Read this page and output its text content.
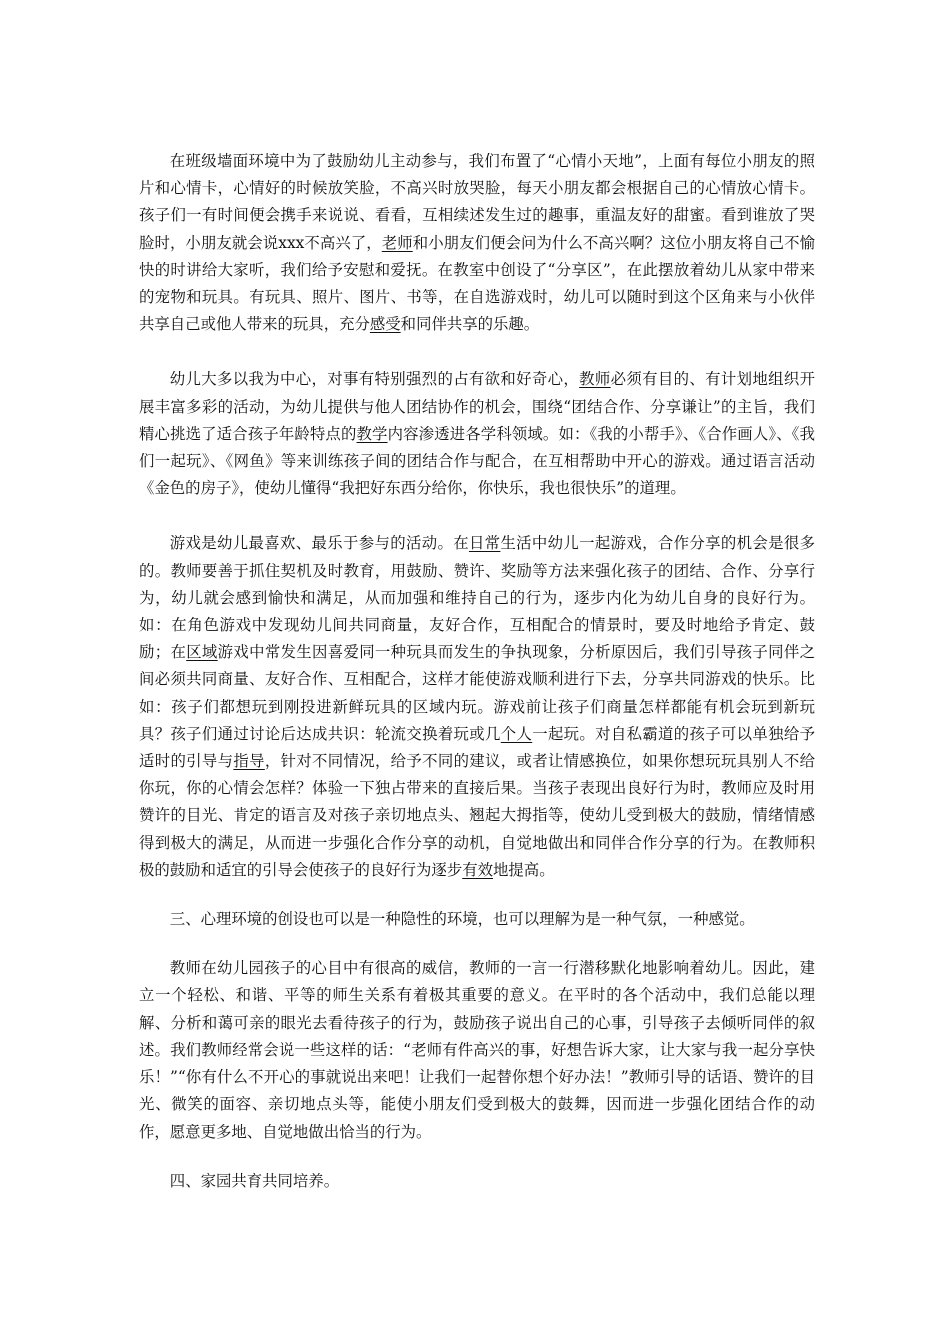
在班级墙面环境中为了鼓励幼儿主动参与，我们布置了“心情小天地”，上面有每位小朋友的照片和心情卡，心情好的时候放笑脸，不高兴时放哭脸，每天小朋友都会根据自己的心情放心情卡。孩子们一有时间便会携手来说说、看看，互相续述发生过的趣事，重温友好的甜蜜。看到谁放了哭脸时，小朋友就会说xxx不高兴了，老师和小朋友们便会问为什么不高兴啊？这位小朋友将自己不愉快的时讲给大家听，我们给予安慰和爱抚。在教室中创设了“分享区”，在此摆放着幼儿从家中带来的宠物和玩具。有玩具、照片、图片、书等，在自选游戏时，幼儿可以随时到这个区角来与小伙伴共享自己或他人带来的玩具，充分感受和同伴共享的乐趣。

幼儿大多以我为中心，对事有特别强烈的占有欲和好奇心，教师必须有目的、有计划地组织开展丰富多彩的活动，为幼儿提供与他人团结协作的机会，围绕“团结合作、分享谦让”的主旨，我们精心挑选了适合孩子年龄特点的教学内容渗透进各学科领域。如：《我的小帮手》、《合作画人》、《我们一起玩》、《网鱼》等来训练孩子间的团结合作与配合，在互相帮助中开心的游戏。通过语言活动《金色的房子》，使幼儿懂得“我把好东西分给你，你快乐，我也很快乐”的道理。

游戏是幼儿最喜欢、最乐于参与的活动。在日常生活中幼儿一起游戏，合作分享的机会是很多的。教师要善于抓住契机及时教育，用鼓励、赞许、奖励等方法来强化孩子的团结、合作、分享行为，幼儿就会感到愉快和满足，从而加强和维持自己的行为，逐步内化为幼儿自身的良好行为。如：在角色游戏中发现幼儿间共同商量，友好合作，互相配合的情景时，要及时地给予肯定、鼓励；在区域游戏中常发生因喜爱同一种玩具而发生的争执现象，分析原因后，我们引导孩子同伴之间必须共同商量、友好合作、互相配合，这样才能使游戏顺利进行下去，分享共同游戏的快乐。比如：孩子们都想玩到刚投进新鲜玩具的区域内玩。游戏前让孩子们商量怎样都能有机会玩到新玩具？孩子们通过讨论后达成共识：轮流交换着玩或几个人一起玩。对自私霸道的孩子可以单独给予适时的引导与指导，针对不同情况，给予不同的建议，或者让情感换位，如果你想玩玩具别人不给你玩，你的心情会怎样？体验一下独占带来的直接后果。当孩子表现出良好行为时，教师应及时用赞许的目光、肯定的语言及对孩子亲切地点头、翘起大拇指等，使幼儿受到极大的鼓励，情绪情感得到极大的满足，从而进一步强化合作分享的动机，自觉地做出和同伴合作分享的行为。在教师积极的鼓励和适宜的引导会使孩子的良好行为逐步有效地提高。

三、心理环境的创设也可以是一种隐性的环境，也可以理解为是一种气氛，一种感觉。

教师在幼儿园孩子的心目中有很高的威信，教师的一言一行潜移默化地影响着幼儿。因此，建立一个轻松、和谐、平等的师生关系有着极其重要的意义。在平时的各个活动中，我们总能以理解、分析和蔼可亲的眼光去看待孩子的行为，鼓励孩子说出自己的心事，引导孩子去倾听同伴的叙述。我们教师经常会说一些这样的话：“老师有件高兴的事，好想告诉大家，让大家与我一起分享快乐！”“你有什么不开心的事就说出来吧！让我们一起替你想个好办法！”教师引导的话语、赞许的目光、微笑的面容、亲切地点头等，能使小朋友们受到极大的鼓舞，因而进一步强化团结合作的动作，愿意更多地、自觉地做出恰当的行为。

四、家园共育共同培养。
